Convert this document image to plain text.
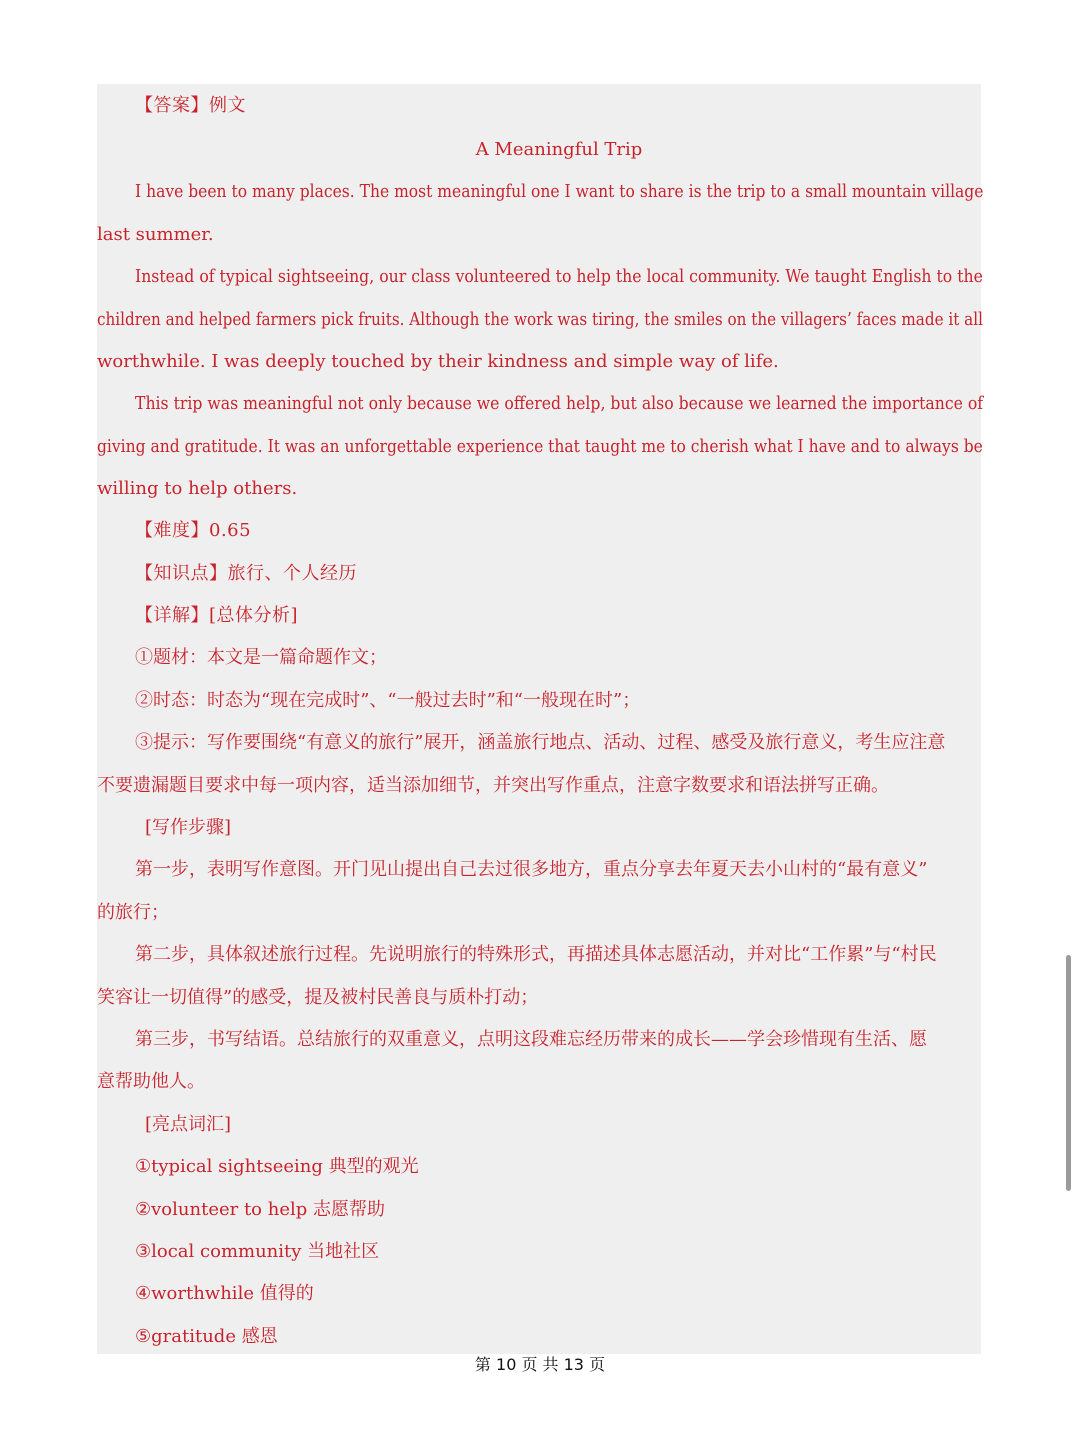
【答案】例文
A Meaningful Trip
I have been to many places. The most meaningful one I want to share is the trip to a small mountain village
last summer.
Instead of typical sightseeing, our class volunteered to help the local community. We taught English to the
children and helped farmers pick fruits. Although the work was tiring, the smiles on the villagers’ faces made it all
worthwhile. I was deeply touched by their kindness and simple way of life.
This trip was meaningful not only because we offered help, but also because we learned the importance of
giving and gratitude. It was an unforgettable experience that taught me to cherish what I have and to always be
willing to help others.
【难度】0.65
【知识点】旅行、个人经历
【详解】[总体分析]
①题材：本文是一篇命题作文；
②时态：时态为“现在完成时”、“一般过去时”和“一般现在时”；
③提示：写作要围绕“有意义的旅行”展开，涵盖旅行地点、活动、过程、感受及旅行意义，考生应注意
不要遗漏题目要求中每一项内容，适当添加细节，并突出写作重点，注意字数要求和语法拼写正确。
[写作步骤]
第一步，表明写作意图。开门见山提出自己去过很多地方，重点分享去年夏天去小山村的“最有意义”
的旅行；
第二步，具体叙述旅行过程。先说明旅行的特殊形式，再描述具体志愿活动，并对比“工作累”与“村民
笑容让一切值得”的感受，提及被村民善良与质朴打动；
第三步，书写结语。总结旅行的双重意义，点明这段难忘经历带来的成长——学会珍惜现有生活、愿
意帮助他人。
[亮点词汇]
①typical sightseeing 典型的观光
②volunteer to help 志愿帮助
③local community 当地社区
④worthwhile 值得的
⑤gratitude 感恩
第 10 页 共 13 页
